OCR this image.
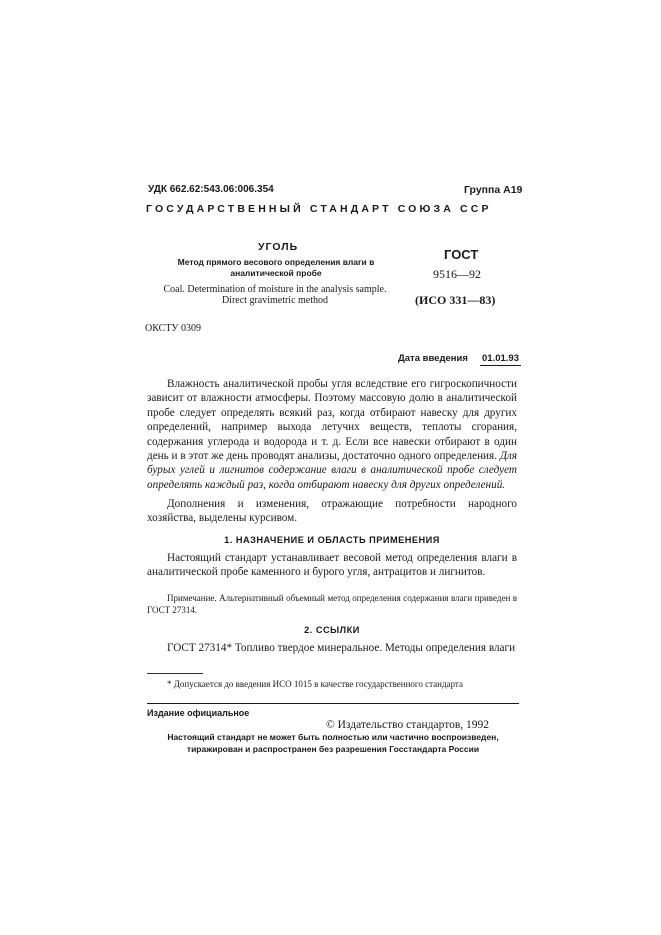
УДК 662.62:543.06:006.354	Группа А19
ГОСУДАРСТВЕННЫЙ СТАНДАРТ СОЮЗА ССР
УГОЛЬ
Метод прямого весового определения влаги в аналитической пробе
Coal. Determination of moisture in the analysis sample. Direct gravimetric method
ГОСТ
9516—92
(ИСО 331—83)
ОКСТУ 0309
Дата введения 01.01.93
Влажность аналитической пробы угля вследствие его гигроскопичности зависит от влажности атмосферы. Поэтому массовую долю в аналитической пробе следует определять всякий раз, когда отбирают навеску для других определений, например выхода летучих веществ, теплоты сгорания, содержания углерода и водорода и т. д. Если все навески отбирают в один день и в этот же день проводят анализы, достаточно одного определения. Для бурых углей и лигнитов содержание влаги в аналитической пробе следует определять каждый раз, когда отбирают навеску для других определений.
Дополнения и изменения, отражающие потребности народного хозяйства, выделены курсивом.
1. НАЗНАЧЕНИЕ И ОБЛАСТЬ ПРИМЕНЕНИЯ
Настоящий стандарт устанавливает весовой метод определения влаги в аналитической пробе каменного и бурого угля, антрацитов и лигнитов.
Примечание. Альтернативный объемный метод определения содержания влаги приведен в ГОСТ 27314.
2. ССЫЛКИ
ГОСТ 27314* Топливо твердое минеральное. Методы определения влаги
* Допускается до введения ИСО 1015 в качестве государственного стандарта
Издание официальное
© Издательство стандартов, 1992
Настоящий стандарт не может быть полностью или частично воспроизведен, тиражирован и распространен без разрешения Госстандарта России
